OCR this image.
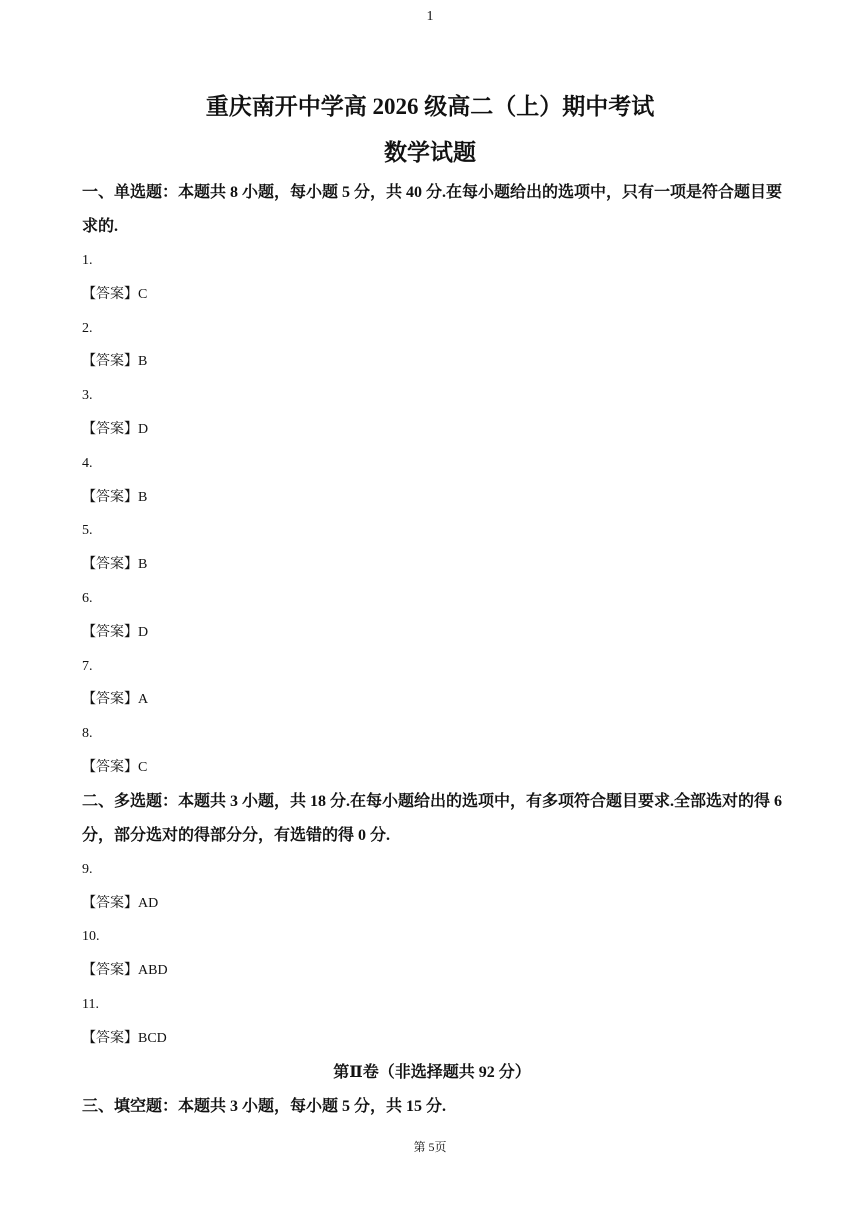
1
重庆南开中学高 2026 级高二（上）期中考试
数学试题

一、单选题：本题共 8 小题，每小题 5 分，共 40 分.在每小题给出的选项中，只有一项是符合题目要求的.

1.

【答案】C

2.

【答案】B

3.

【答案】D

4.

【答案】B

5.

【答案】B

6.

【答案】D

7.

【答案】A

8.

【答案】C

二、多选题：本题共 3 小题，共 18 分.在每小题给出的选项中，有多项符合题目要求.全部选对的得 6 分，部分选对的得部分分，有选错的得 0 分.

9.

【答案】AD

10.

【答案】ABD

11.

【答案】BCD

第Ⅱ卷（非选择题共 92 分）

三、填空题：本题共 3 小题，每小题 5 分，共 15 分.

第 5页
